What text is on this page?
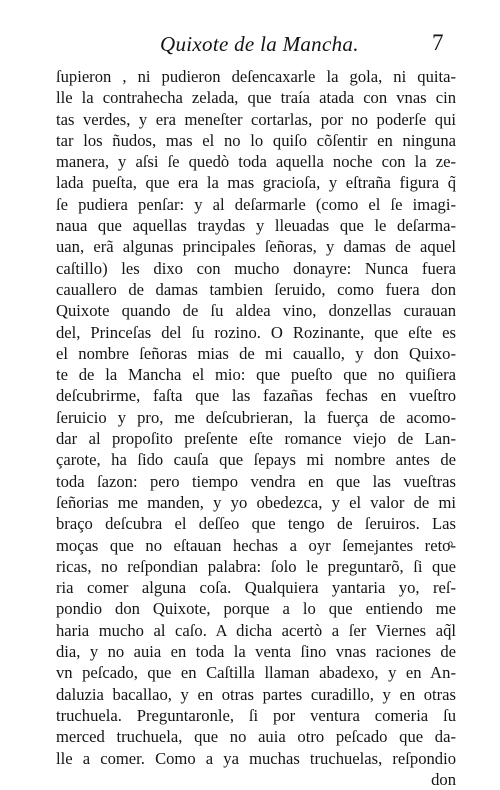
Quixote de la Mancha.	7
ſupieron , ni pudieron deſencaxarle la gola, ni quita-
lle la contrahecha zelada, que traía atada con vnas cin
tas verdes, y era meneſter cortarlas, por no poderſe qui
tar los ñudos, mas el no lo quiſo cõſentir en ninguna
manera, y aſsi ſe quedò toda aquella noche con la ze-
lada pueſta, que era la mas gracioſa, y eſtraña figura q̃
ſe pudiera penſar: y al deſarmarle (como el ſe imagi-
naua que aquellas traydas y lleuadas que le deſarma-
uan, erã algunas principales ſeñoras, y damas de aquel
caſtillo) les dixo con mucho donayre: Nunca fuera
cauallero de damas tambien ſeruido, como fuera don
Quixote quando de ſu aldea vino, donzellas curauan
del, Princeſas del ſu rozino. O Rozinante, que eſte es
el nombre ſeñoras mias de mi cauallo, y don Quixo-
te de la Mancha el mio: que pueſto que no quiſiera
deſcubrirme, faſta que las fazañas fechas en vueſtro
ſeruicio y pro, me deſcubrieran, la fuerça de acomo-
dar al propoſito preſente eſte romance viejo de Lan-
çarote, ha ſido cauſa que ſepays mi nombre antes de
toda ſazon: pero tiempo vendra en que las vueſtras
ſeñorias me manden, y yo obedezca, y el valor de mi
braço deſcubra el deſſeo que tengo de ſeruiros. Las
moças que no eſtauan hechas a oyr ſemejantes retoͦ-
ricas, no reſpondian palabra: ſolo le preguntarõ, ſi que
ria comer alguna coſa. Qualquiera yantaria yo, reſ-
pondio don Quixote, porque a lo que entiendo me
haria mucho al caſo. A dicha acertò a ſer Viernes aq̃l
dia, y no auia en toda la venta ſino vnas raciones de
vn peſcado, que en Caſtilla llaman abadexo, y en An-
daluzia bacallao, y en otras partes curadillo, y en otras
truchuela. Preguntaronle, ſi por ventura comeria ſu
merced truchuela, que no auia otro peſcado que da-
lle a comer. Como a ya muchas truchuelas, reſpondio
don
